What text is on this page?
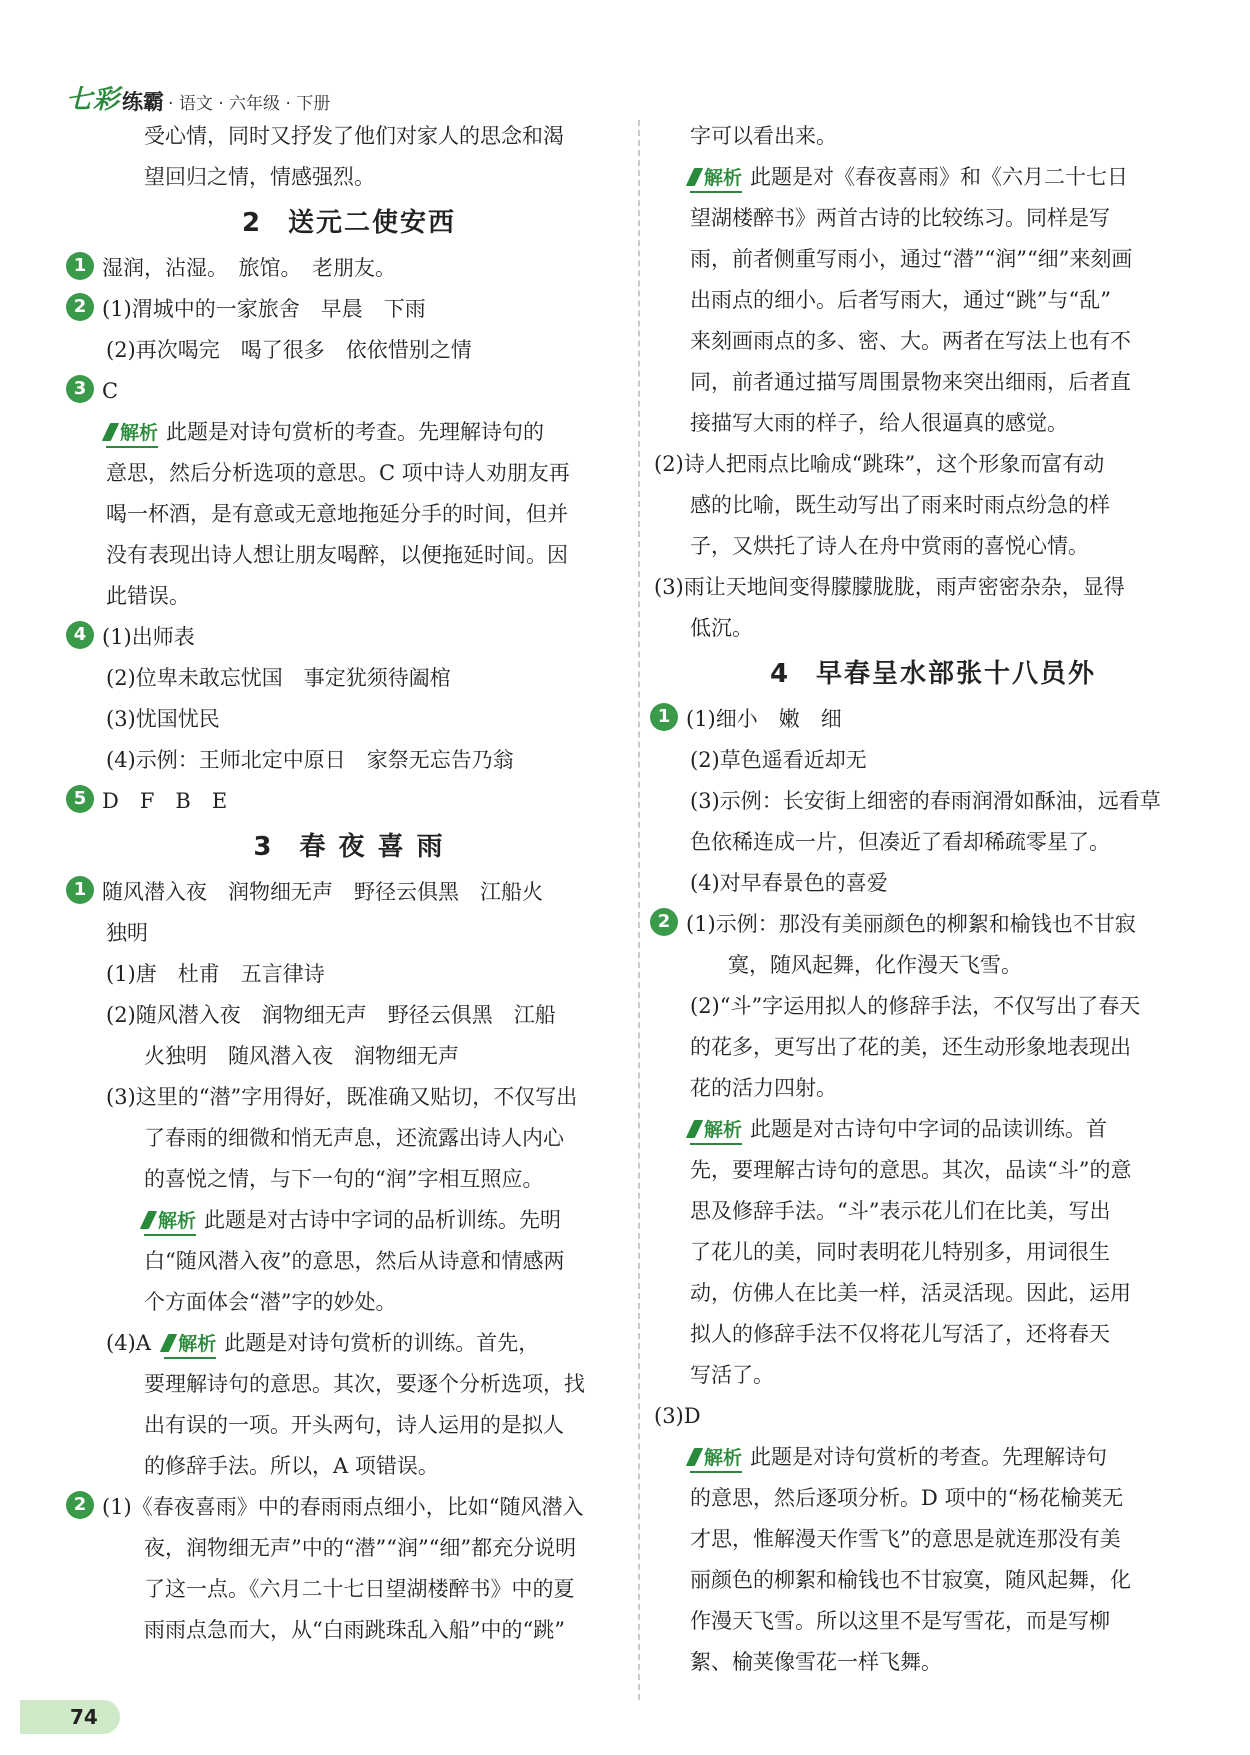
七彩 练霸 · 语文 · 六年级 · 下册

受心情，同时又抒发了他们对家人的思念和渴

望回归之情，情感强烈。

2 送元二使安西

1 湿润，沾湿。　旅馆。　老朋友。

2 (1)渭城中的一家旅舍　早晨　下雨

(2)再次喝完　喝了很多　依依惜别之情

3 C

解析 此题是对诗句赏析的考查。先理解诗句的

意思，然后分析选项的意思。C 项中诗人劝朋友再

喝一杯酒，是有意或无意地拖延分手的时间，但并

没有表现出诗人想让朋友喝醉，以便拖延时间。因

此错误。

4 (1)出师表

(2)位卑未敢忘忧国　事定犹须待阖棺

(3)忧国忧民

(4)示例：王师北定中原日　家祭无忘告乃翁

5 D　F　B　E

3 春 夜 喜 雨

1 随风潜入夜　润物细无声　野径云俱黑　江船火

独明

(1)唐　杜甫　五言律诗

(2)随风潜入夜　润物细无声　野径云俱黑　江船

火独明　随风潜入夜　润物细无声

(3)这里的“潜”字用得好，既准确又贴切，不仅写出

了春雨的细微和悄无声息，还流露出诗人内心

的喜悦之情，与下一句的“润”字相互照应。

解析 此题是对古诗中字词的品析训练。先明

白“随风潜入夜”的意思，然后从诗意和情感两

个方面体会“潜”字的妙处。

(4)A 解析 此题是对诗句赏析的训练。首先，

要理解诗句的意思。其次，要逐个分析选项，找

出有误的一项。开头两句，诗人运用的是拟人

的修辞手法。所以，A 项错误。

2 (1)《春夜喜雨》中的春雨雨点细小，比如“随风潜入

夜，润物细无声”中的“潜”“润”“细”都充分说明

了这一点。《六月二十七日望湖楼醉书》中的夏

雨雨点急而大，从“白雨跳珠乱入船”中的“跳”

字可以看出来。

解析 此题是对《春夜喜雨》和《六月二十七日

望湖楼醉书》两首古诗的比较练习。同样是写

雨，前者侧重写雨小，通过“潜”“润”“细”来刻画

出雨点的细小。后者写雨大，通过“跳”与“乱”

来刻画雨点的多、密、大。两者在写法上也有不

同，前者通过描写周围景物来突出细雨，后者直

接描写大雨的样子，给人很逼真的感觉。

(2)诗人把雨点比喻成“跳珠”，这个形象而富有动

感的比喻，既生动写出了雨来时雨点纷急的样

子，又烘托了诗人在舟中赏雨的喜悦心情。

(3)雨让天地间变得朦朦胧胧，雨声密密杂杂，显得

低沉。

4 早春呈水部张十八员外

1 (1)细小　嫩　细

(2)草色遥看近却无

(3)示例：长安街上细密的春雨润滑如酥油，远看草

色依稀连成一片，但凑近了看却稀疏零星了。

(4)对早春景色的喜爱

2 (1)示例：那没有美丽颜色的柳絮和榆钱也不甘寂

寞，随风起舞，化作漫天飞雪。

(2)“斗”字运用拟人的修辞手法，不仅写出了春天

的花多，更写出了花的美，还生动形象地表现出

花的活力四射。

解析 此题是对古诗句中字词的品读训练。首

先，要理解古诗句的意思。其次，品读“斗”的意

思及修辞手法。“斗”表示花儿们在比美，写出

了花儿的美，同时表明花儿特别多，用词很生

动，仿佛人在比美一样，活灵活现。因此，运用

拟人的修辞手法不仅将花儿写活了，还将春天

写活了。

(3)D

解析 此题是对诗句赏析的考查。先理解诗句

的意思，然后逐项分析。D 项中的“杨花榆荚无

才思，惟解漫天作雪飞”的意思是就连那没有美

丽颜色的柳絮和榆钱也不甘寂寞，随风起舞，化

作漫天飞雪。所以这里不是写雪花，而是写柳

絮、榆荚像雪花一样飞舞。

74
